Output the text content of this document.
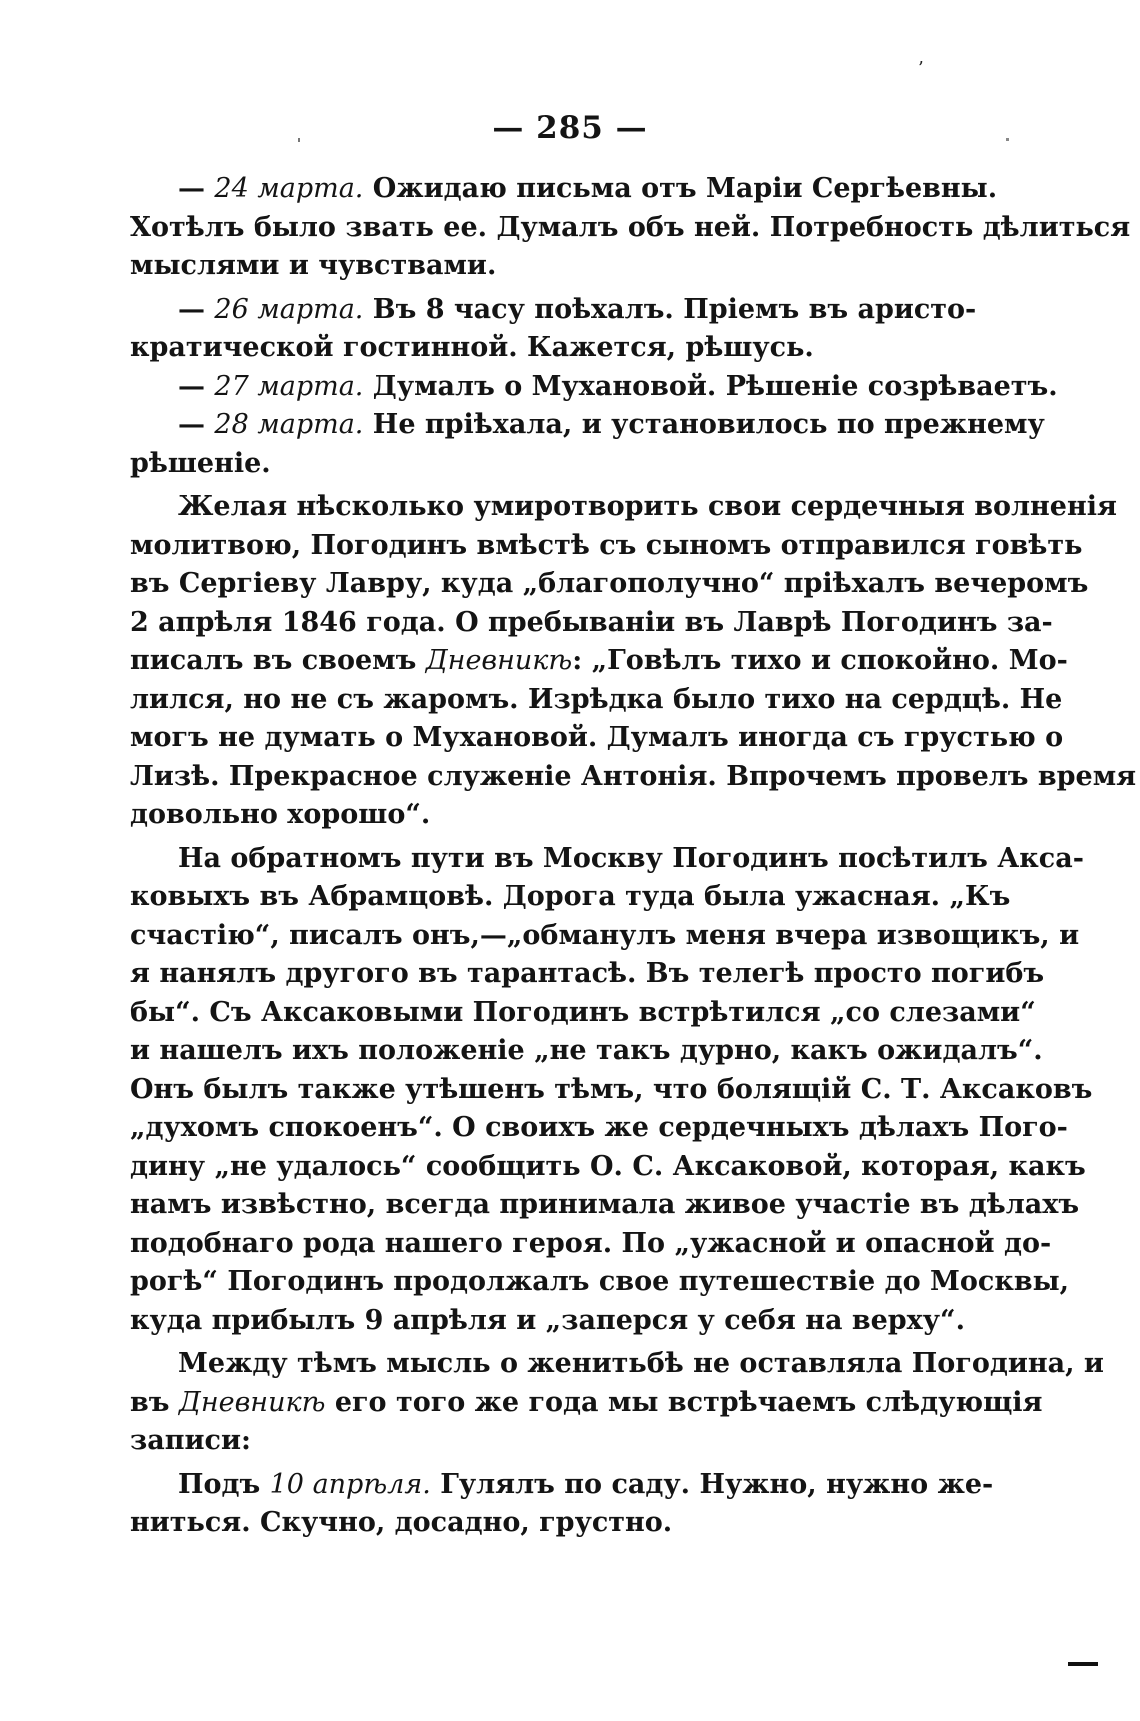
’
— 285 —
— 24 марта. Ожидаю письма отъ Маріи Сергѣевны.
Хотѣлъ было звать ее. Думалъ объ ней. Потребность дѣлиться
мыслями и чувствами.
— 26 марта. Въ 8 часу поѣхалъ. Пріемъ въ аристо-
кратической гостинной. Кажется, рѣшусь.
— 27 марта. Думалъ о Мухановой. Рѣшеніе созрѣваетъ.
— 28 марта. Не пріѣхала, и установилось по прежнему
рѣшеніе.
Желая нѣсколько умиротворить свои сердечныя волненія
молитвою, Погодинъ вмѣстѣ съ сыномъ отправился говѣть
въ Сергіеву Лавру, куда „благополучно“ пріѣхалъ вечеромъ
2 апрѣля 1846 года. О пребываніи въ Лаврѣ Погодинъ за-
писалъ въ своемъ Дневникѣ: „Говѣлъ тихо и спокойно. Мо-
лился, но не съ жаромъ. Изрѣдка было тихо на сердцѣ. Не
могъ не думать о Мухановой. Думалъ иногда съ грустью о
Лизѣ. Прекрасное служеніе Антонія. Впрочемъ провелъ время
довольно хорошо“.
На обратномъ пути въ Москву Погодинъ посѣтилъ Акса-
ковыхъ въ Абрамцовѣ. Дорога туда была ужасная. „Къ
счастію“, писалъ онъ,—„обманулъ меня вчера извощикъ, и
я нанялъ другого въ тарантасѣ. Въ телегѣ просто погибъ
бы“. Съ Аксаковыми Погодинъ встрѣтился „со слезами“
и нашелъ ихъ положеніе „не такъ дурно, какъ ожидалъ“.
Онъ былъ также утѣшенъ тѣмъ, что болящій С. Т. Аксаковъ
„духомъ спокоенъ“. О своихъ же сердечныхъ дѣлахъ Пого-
дину „не удалось“ сообщить О. С. Аксаковой, которая, какъ
намъ извѣстно, всегда принимала живое участіе въ дѣлахъ
подобнаго рода нашего героя. По „ужасной и опасной до-
рогѣ“ Погодинъ продолжалъ свое путешествіе до Москвы,
куда прибылъ 9 апрѣля и „заперся у себя на верху“.
Между тѣмъ мысль о женитьбѣ не оставляла Погодина, и
въ Дневникѣ его того же года мы встрѣчаемъ слѣдующія
записи:
Подъ 10 апрѣля. Гулялъ по саду. Нужно, нужно же-
ниться. Скучно, досадно, грустно.
